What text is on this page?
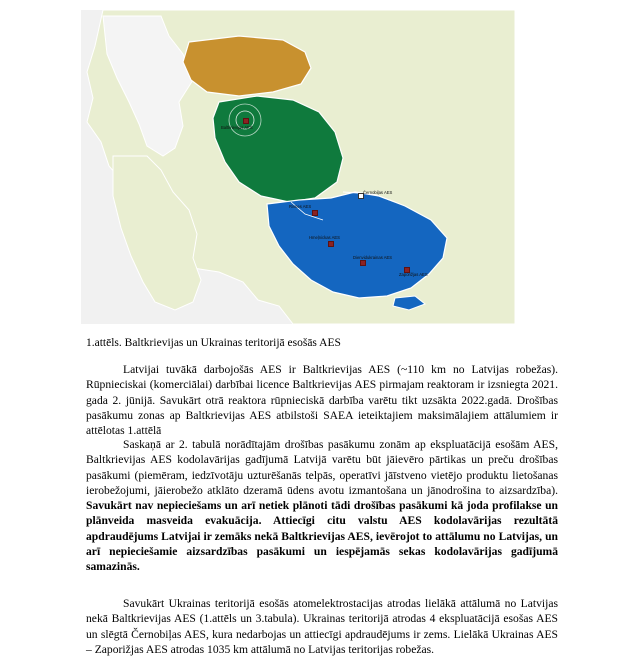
Baltkrievijas AES
Rivnes AES
Černobiļas AES
Hmeļnickas AES
Dienvidukrainas AES
Zaporižjas AES
1.attēls. Baltkrievijas un Ukrainas teritorijā esošās AES

Latvijai tuvākā darbojošās AES ir Baltkrievijas AES (~110 km no Latvijas robežas). Rūpnieciskai (komerciālai) darbībai licence Baltkrievijas AES pirmajam reaktoram ir izsniegta 2021. gada 2. jūnijā. Savukārt otrā reaktora rūpnieciskā darbība varētu tikt uzsākta 2022.gadā. Drošības pasākumu zonas ap Baltkrievijas AES atbilstoši SAEA ieteiktajiem maksimālajiem attālumiem ir attēlotas 1.attēlā

Saskaņā ar 2. tabulā norādītajām drošības pasākumu zonām ap ekspluatācijā esošām AES, Baltkrievijas AES kodolavārijas gadījumā Latvijā varētu būt jāievēro pārtikas un preču drošības pasākumi (piemēram, iedzīvotāju uzturēšanās telpās, operatīvi jāīstveno vietējo produktu lietošanas ierobežojumi, jāierobežo atklāto dzeramā ūdens avotu izmantošana un jānodrošina to aizsardzība). Savukārt nav nepieciešams un arī netiek plānoti tādi drošības pasākumi kā joda profilakse un plānveida masveida evakuācija. Attiecīgi citu valstu AES kodolavārijas rezultātā apdraudējums Latvijai ir zemāks nekā Baltkrievijas AES, ievērojot to attālumu no Latvijas, un arī nepieciešamie aizsardzības pasākumi un iespējamās sekas kodolavārijas gadījumā samazinās.

Savukārt Ukrainas teritorijā esošās atomelektrostacijas atrodas lielākā attālumā no Latvijas nekā Baltkrievijas AES (1.attēls un 3.tabula). Ukrainas teritorijā atrodas 4 ekspluatācijā esošas AES un slēgtā Černobiļas AES, kura nedarbojas un attiecīgi apdraudējums ir zems. Lielākā Ukrainas AES – Zaporižjas AES atrodas 1035 km attālumā no Latvijas teritorijas robežas.
